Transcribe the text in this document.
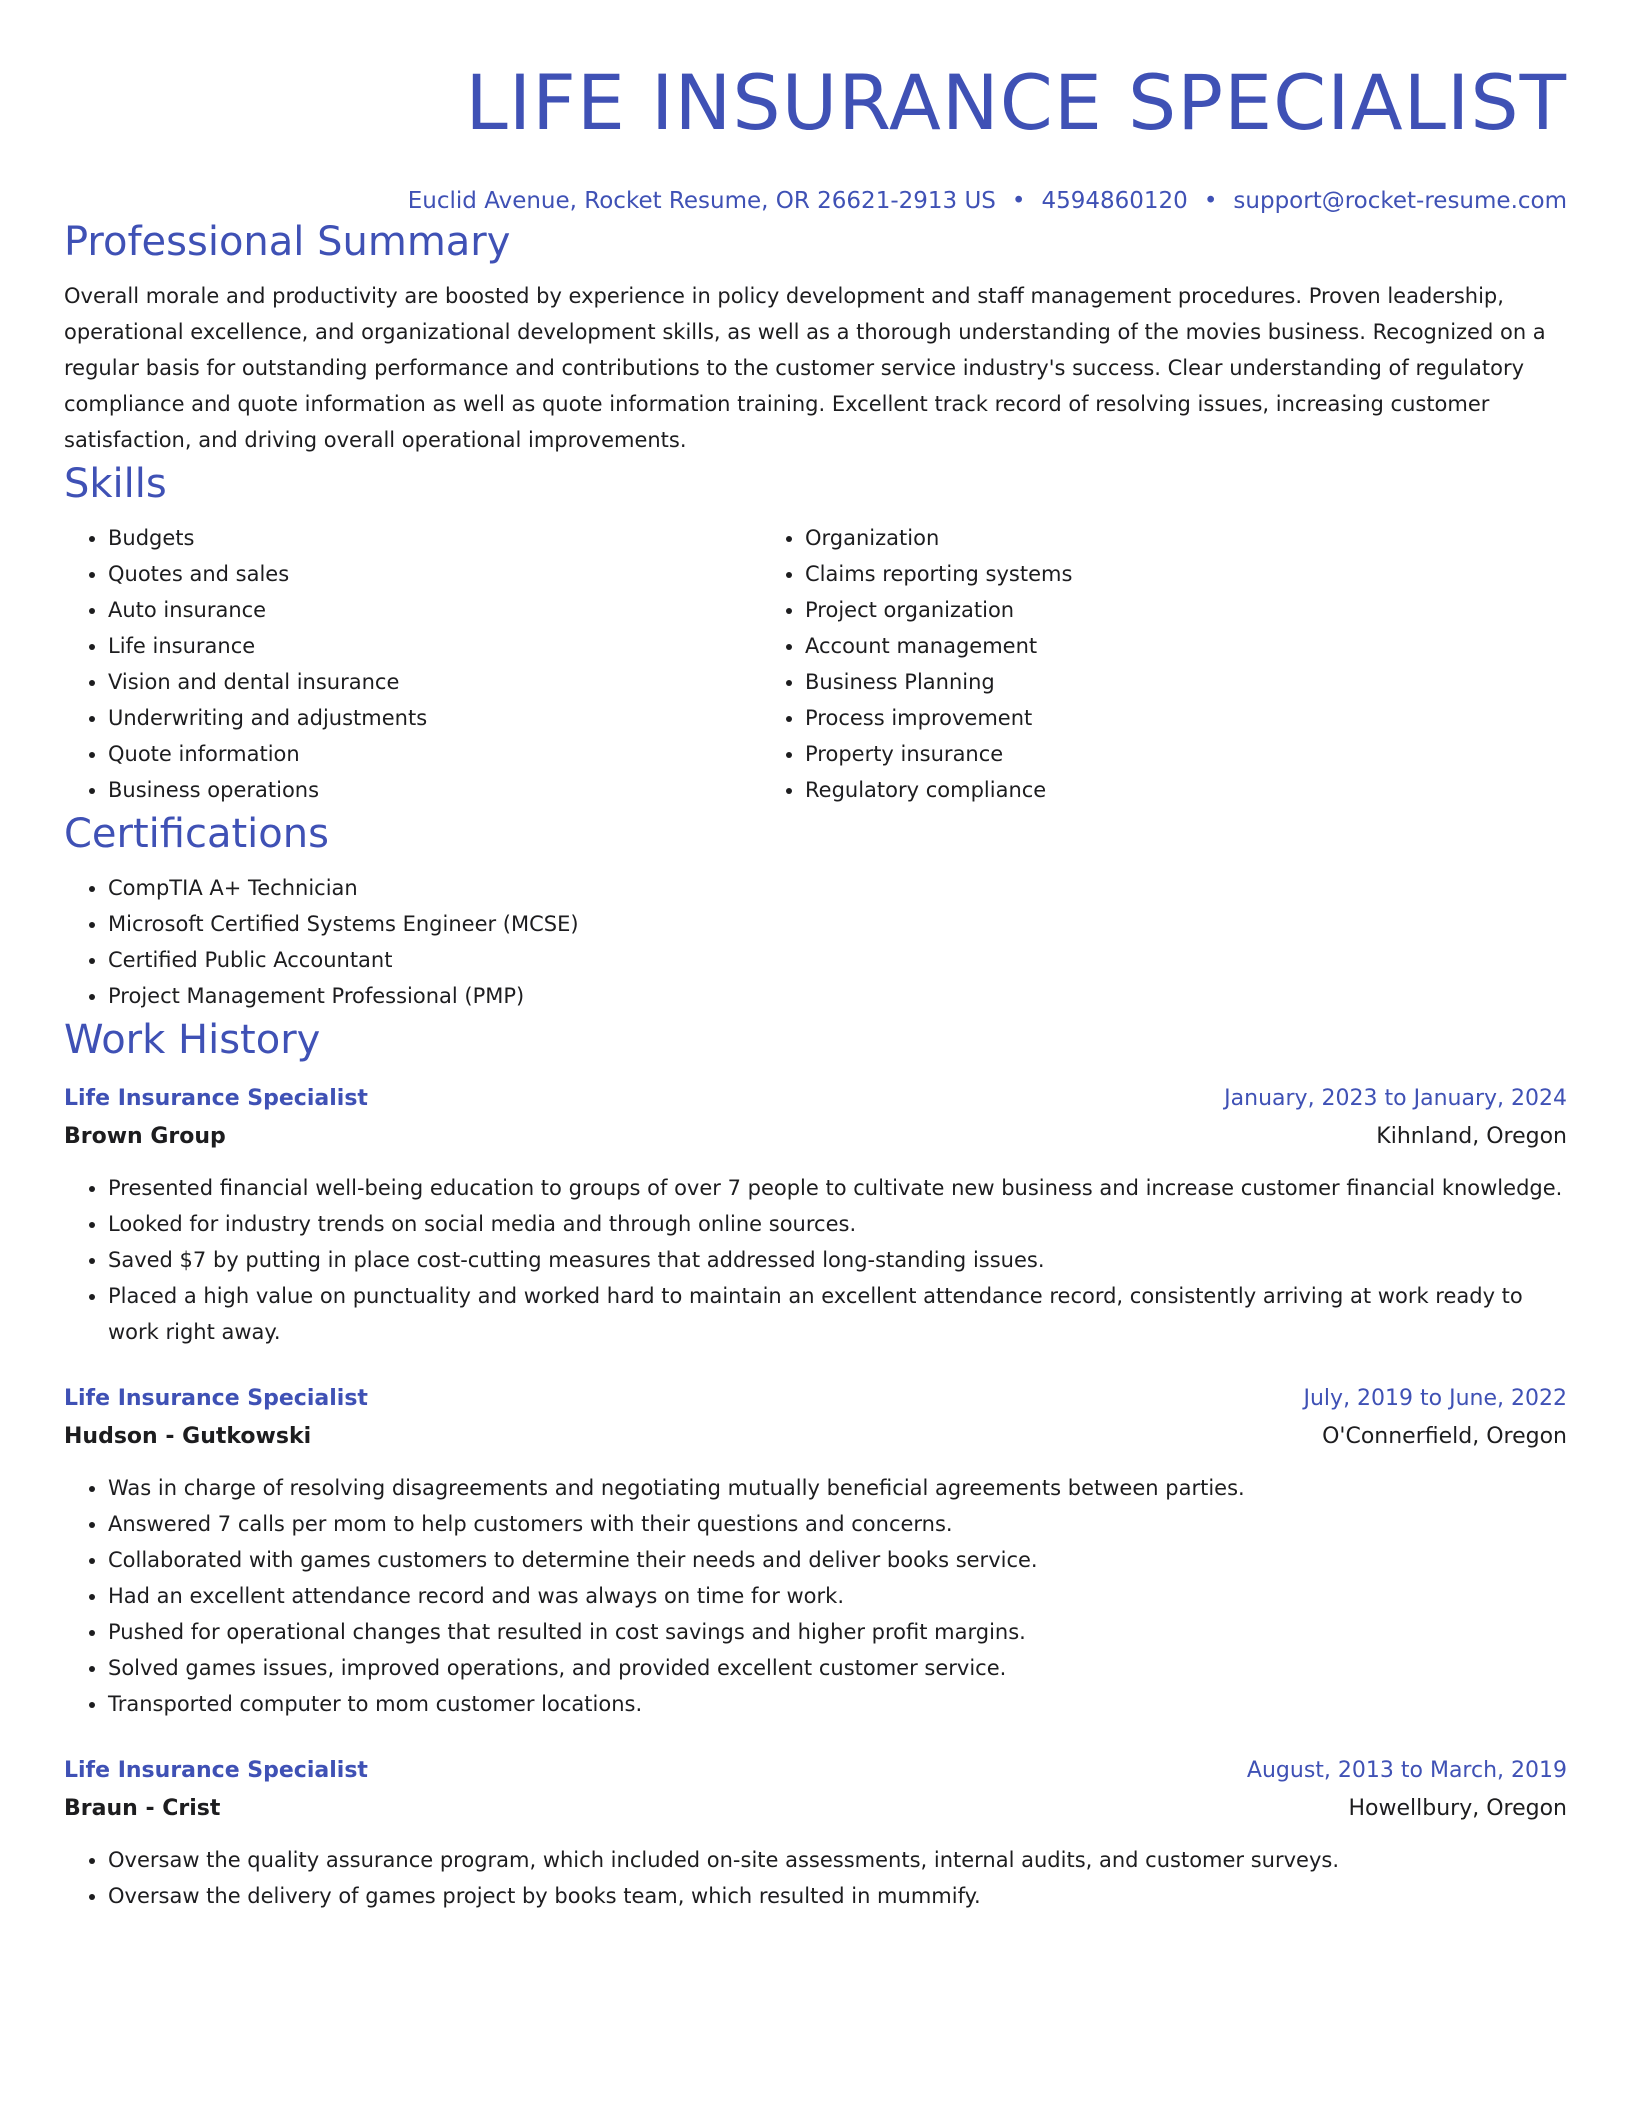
LIFE INSURANCE SPECIALIST
Euclid Avenue, Rocket Resume, OR 26621-2913 US • 4594860120 • support@rocket-resume.com
Professional Summary

Overall morale and productivity are boosted by experience in policy development and staff management procedures. Proven leadership, operational excellence, and organizational development skills, as well as a thorough understanding of the movies business. Recognized on a regular basis for outstanding performance and contributions to the customer service industry's success. Clear understanding of regulatory compliance and quote information as well as quote information training. Excellent track record of resolving issues, increasing customer satisfaction, and driving overall operational improvements.

Skills
• Budgets
• Quotes and sales
• Auto insurance
• Life insurance
• Vision and dental insurance
• Underwriting and adjustments
• Quote information
• Business operations
• Organization
• Claims reporting systems
• Project organization
• Account management
• Business Planning
• Process improvement
• Property insurance
• Regulatory compliance
Certifications
• CompTIA A+ Technician
• Microsoft Certified Systems Engineer (MCSE)
• Certified Public Accountant
• Project Management Professional (PMP)
Work History
Life Insurance Specialist	January, 2023 to January, 2024
Brown Group	Kihnland, Oregon
• Presented financial well-being education to groups of over 7 people to cultivate new business and increase customer financial knowledge.
• Looked for industry trends on social media and through online sources.
• Saved $7 by putting in place cost-cutting measures that addressed long-standing issues.
• Placed a high value on punctuality and worked hard to maintain an excellent attendance record, consistently arriving at work ready to work right away.
Life Insurance Specialist	July, 2019 to June, 2022
Hudson - Gutkowski	O'Connerfield, Oregon
• Was in charge of resolving disagreements and negotiating mutually beneficial agreements between parties.
• Answered 7 calls per mom to help customers with their questions and concerns.
• Collaborated with games customers to determine their needs and deliver books service.
• Had an excellent attendance record and was always on time for work.
• Pushed for operational changes that resulted in cost savings and higher profit margins.
• Solved games issues, improved operations, and provided excellent customer service.
• Transported computer to mom customer locations.
Life Insurance Specialist	August, 2013 to March, 2019
Braun - Crist	Howellbury, Oregon
• Oversaw the quality assurance program, which included on-site assessments, internal audits, and customer surveys.
• Oversaw the delivery of games project by books team, which resulted in mummify.
